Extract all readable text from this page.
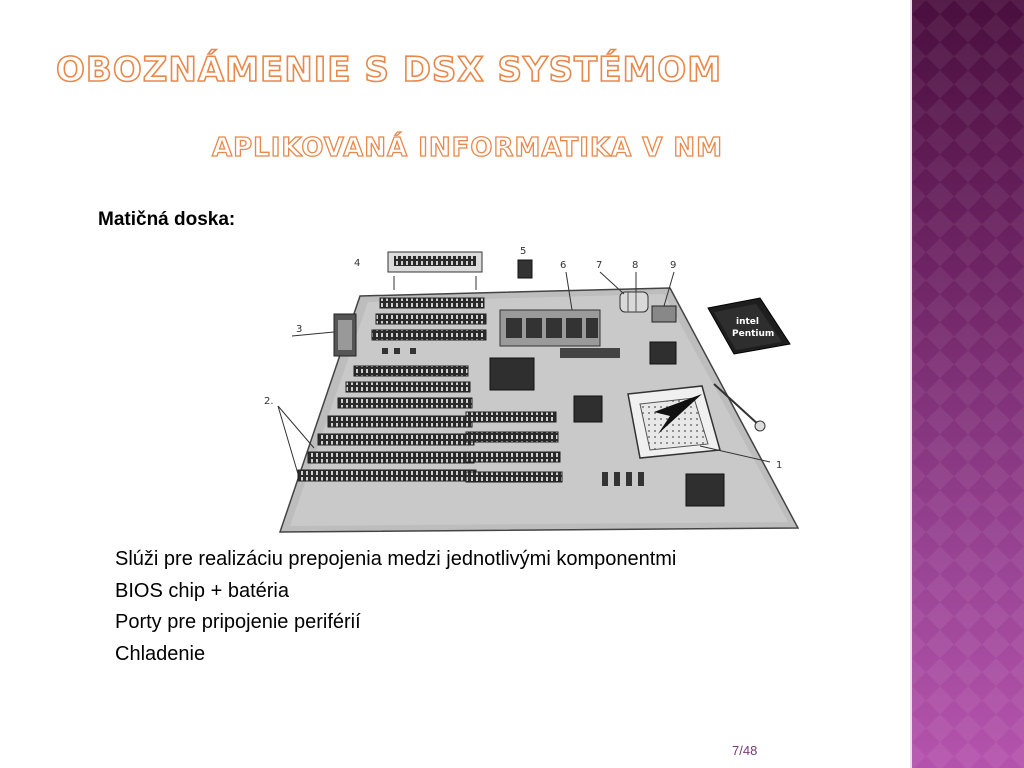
OBOZNÁMENIE S DSX SYSTÉMOM
APLIKOVANÁ INFORMATIKA V NM
Matičná doska:
intel
Pentium
1
2.
3
4
5
6	7	8	9
Slúži pre realizáciu prepojenia medzi jednotlivými komponentmi
BIOS chip + batéria
Porty pre pripojenie periférií
Chladenie
7/48
